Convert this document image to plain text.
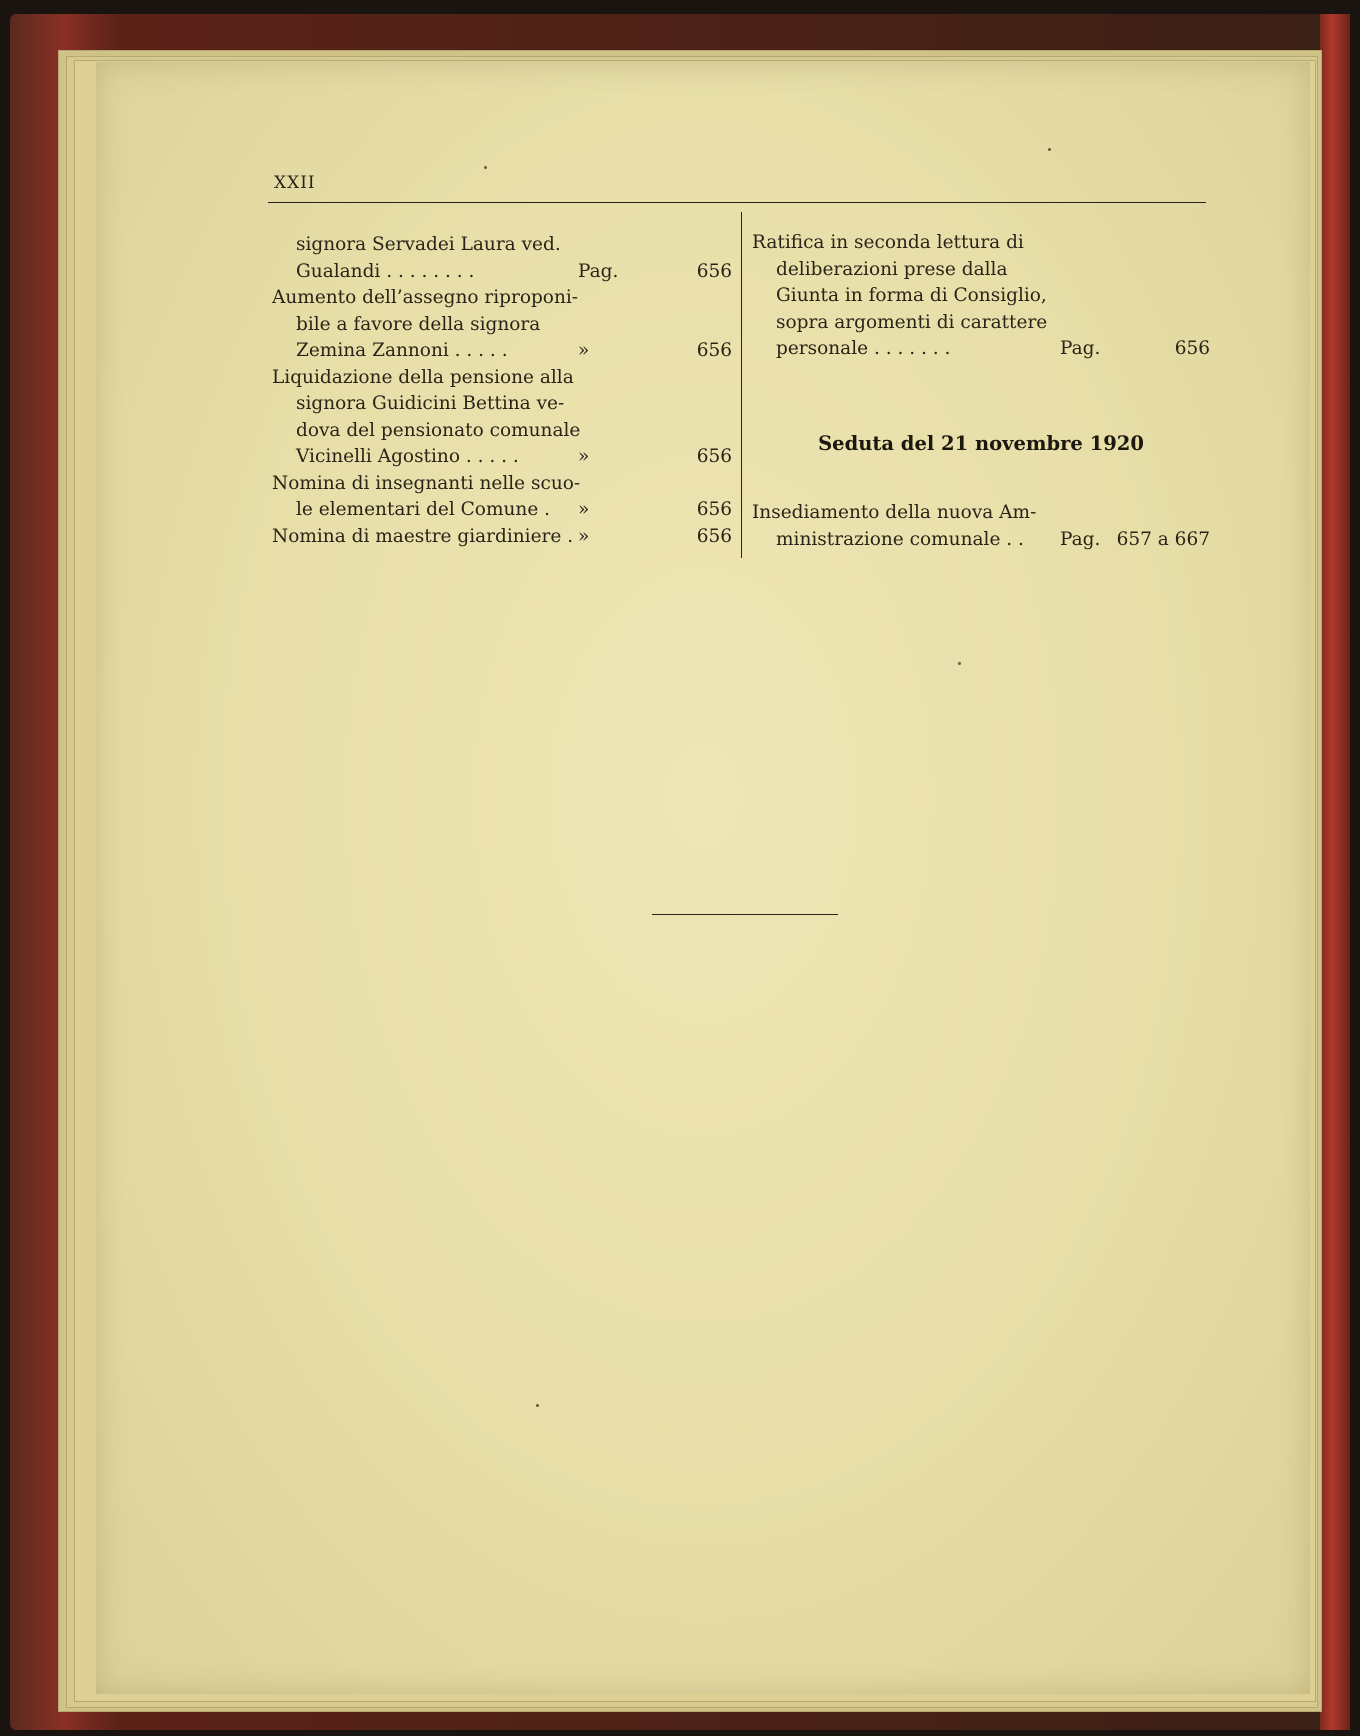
XXII
signora Servadei Laura ved.
Gualandi . . . . . . . .	Pag.	656
Aumento dell’assegno riproponi-
bile a favore della signora
Zemina Zannoni . . . . .	»	656
Liquidazione della pensione alla
signora Guidicini Bettina ve-
dova del pensionato comunale
Vicinelli Agostino . . . . .	»	656
Nomina di insegnanti nelle scuo-
le elementari del Comune . »	656
Nomina di maestre giardiniere . »	656
Ratifica in seconda lettura di
deliberazioni prese dalla
Giunta in forma di Consiglio,
sopra argomenti di carattere
personale . . . . . . .	Pag.	656
Seduta del 21 novembre 1920
Insediamento della nuova Am-
ministrazione comunale . . Pag. 657 a 667
